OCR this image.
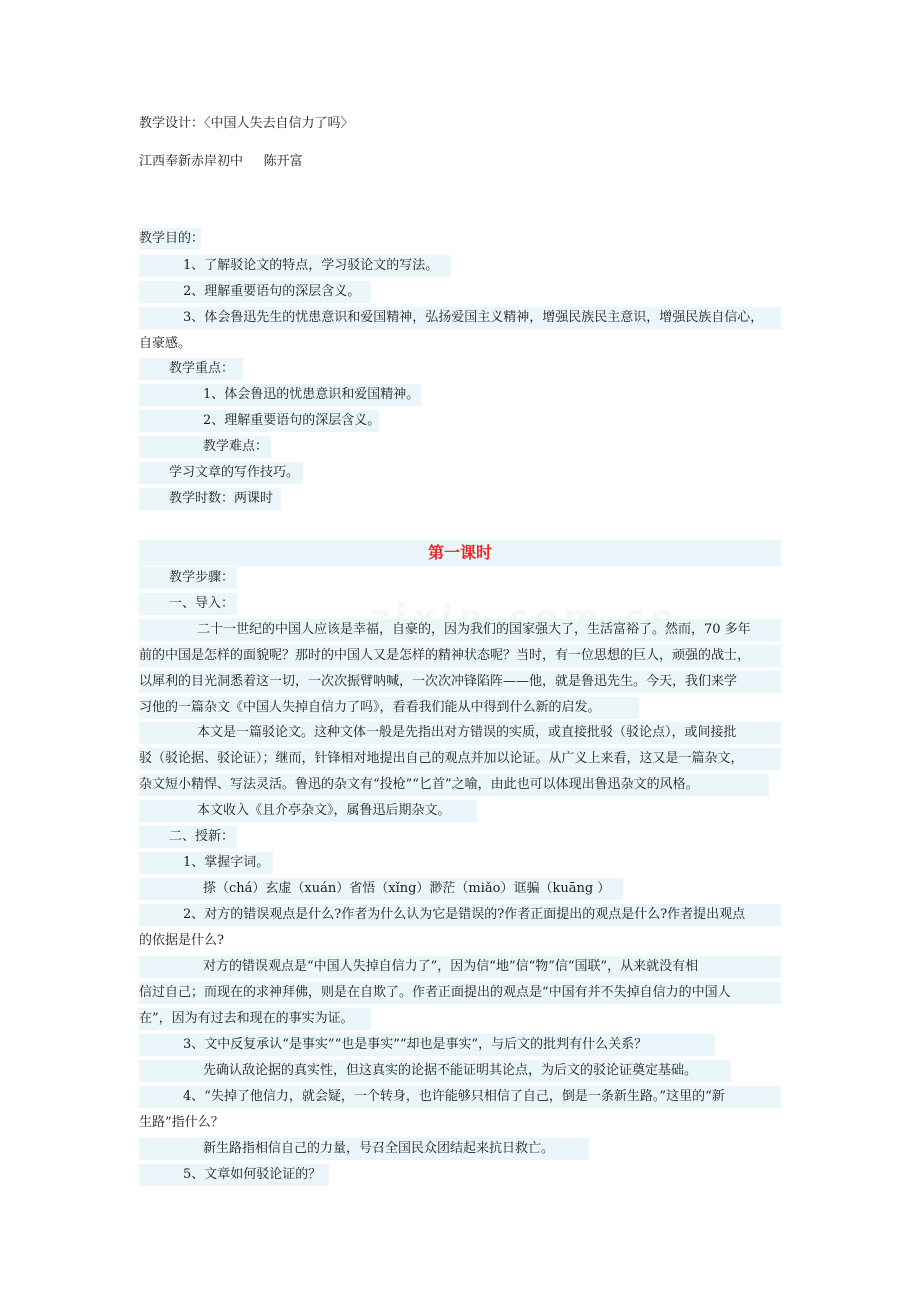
教学设计：〈中国人失去自信力了吗〉
江西奉新赤岸初中     陈开富
教学目的：
1、了解驳论文的特点，学习驳论文的写法。
2、理解重要语句的深层含义。
3、体会鲁迅先生的忧患意识和爱国精神，弘扬爱国主义精神，增强民族民主意识，增强民族自信心，
自豪感。
教学重点：
1、体会鲁迅的忧患意识和爱国精神。
2、理解重要语句的深层含义。
教学难点：
学习文章的写作技巧。
教学时数：两课时
第一课时
教学步骤：
一、导入：
二十一世纪的中国人应该是幸福，自豪的，因为我们的国家强大了，生活富裕了。然而，70 多年
前的中国是怎样的面貌呢？那时的中国人又是怎样的精神状态呢？当时，有一位思想的巨人，顽强的战士，
以犀利的目光洞悉着这一切，一次次振臂呐喊，一次次冲锋陷阵——他，就是鲁迅先生。今天，我们来学
习他的一篇杂文《中国人失掉自信力了吗》，看看我们能从中得到什么新的启发。
本文是一篇驳论文。这种文体一般是先指出对方错误的实质，或直接批驳（驳论点），或间接批
驳（驳论据、驳论证）；继而，针锋相对地提出自己的观点并加以论证。从广义上来看，这又是一篇杂文，
杂文短小精悍、写法灵活。鲁迅的杂文有“投枪”“匕首”之喻，由此也可以体现出鲁迅杂文的风格。
本文收入《且介亭杂文》，属鲁迅后期杂文。
二、授新：
1、掌握字词。
搽（chá）玄虚（xuán）省悟（xǐng）渺茫（miǎo）诓骗（kuāng ）
2、对方的错误观点是什么?作者为什么认为它是错误的?作者正面提出的观点是什么?作者提出观点
的依据是什么?
对方的错误观点是“中国人失掉自信力了”，因为信“地”信“物”信“国联”，从来就没有相
信过自己；而现在的求神拜佛，则是在自欺了。作者正面提出的观点是“中国有并不失掉自信力的中国人
在”，因为有过去和现在的事实为证。
3、文中反复承认“是事实”“也是事实”“却也是事实”，与后文的批判有什么关系？
先确认敌论据的真实性，但这真实的论据不能证明其论点，为后文的驳论证奠定基础。
4、“失掉了他信力，就会疑，一个转身，也许能够只相信了自己，倒是一条新生路。”这里的“新
生路”指什么？
新生路指相信自己的力量，号召全国民众团结起来抗日救亡。
5、文章如何驳论证的？
